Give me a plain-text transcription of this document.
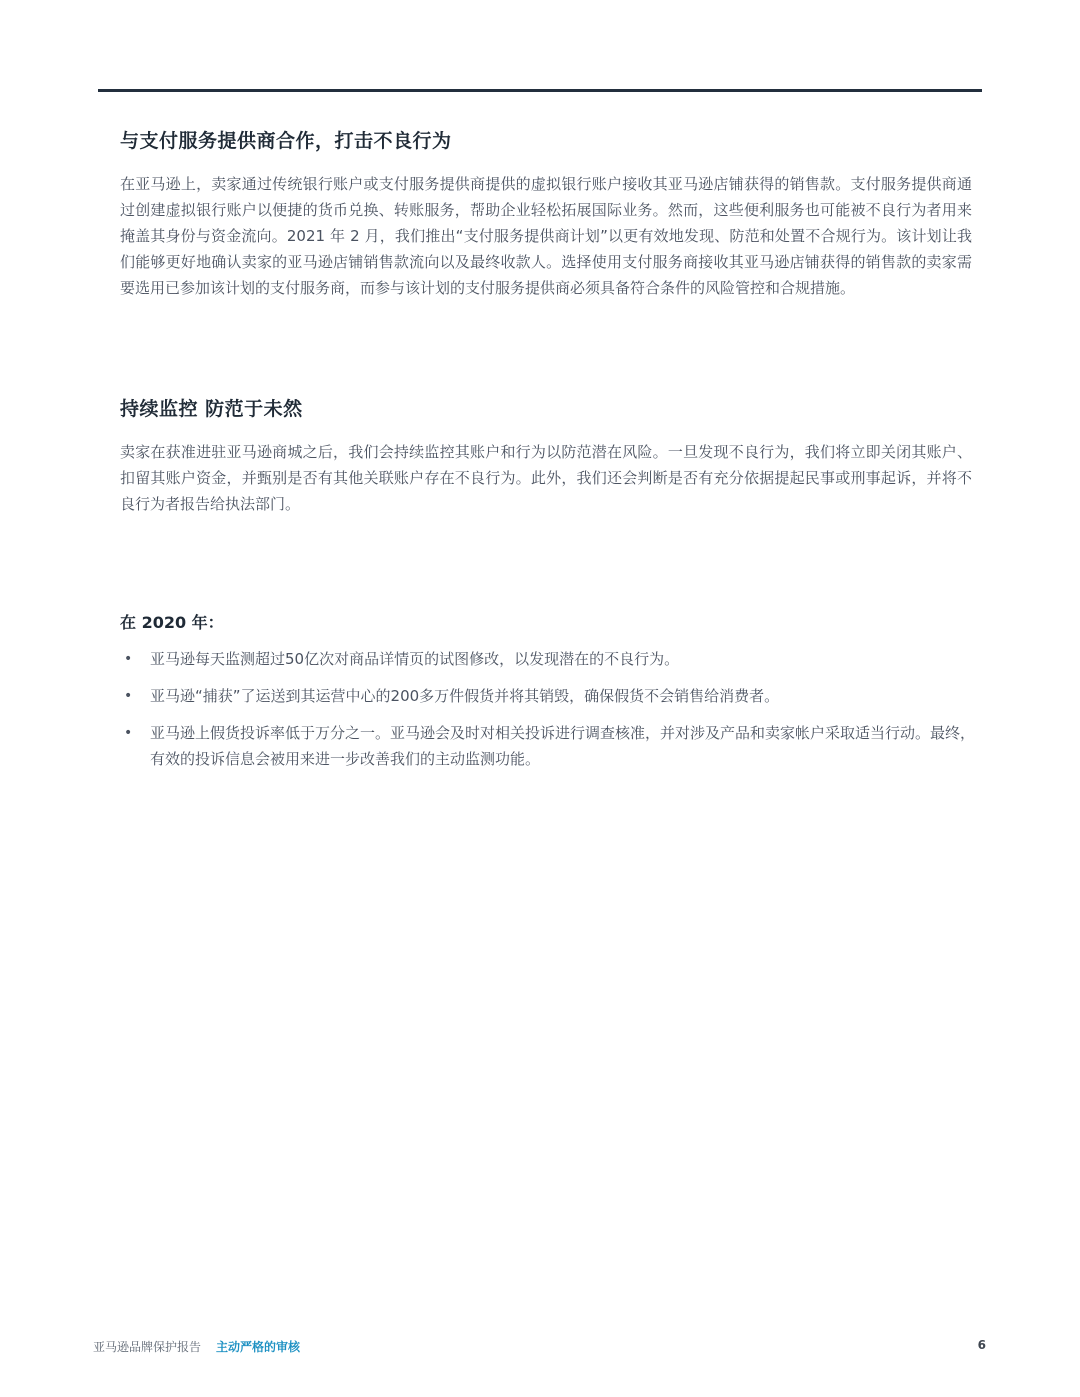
与支付服务提供商合作，打击不良行为

在亚马逊上，卖家通过传统银行账户或支付服务提供商提供的虚拟银行账户接收其亚马逊店铺获得的销售款。支付服务提供商通过创建虚拟银行账户以便捷的货币兑换、转账服务，帮助企业轻松拓展国际业务。然而，这些便利服务也可能被不良行为者用来掩盖其身份与资金流向。2021 年 2 月，我们推出“支付服务提供商计划”以更有效地发现、防范和处置不合规行为。该计划让我们能够更好地确认卖家的亚马逊店铺销售款流向以及最终收款人。选择使用支付服务商接收其亚马逊店铺获得的销售款的卖家需要选用已参加该计划的支付服务商，而参与该计划的支付服务提供商必须具备符合条件的风险管控和合规措施。

持续监控 防范于未然

卖家在获准进驻亚马逊商城之后，我们会持续监控其账户和行为以防范潜在风险。一旦发现不良行为，我们将立即关闭其账户、扣留其账户资金，并甄别是否有其他关联账户存在不良行为。此外，我们还会判断是否有充分依据提起民事或刑事起诉，并将不良行为者报告给执法部门。

在 2020 年：
• 亚马逊每天监测超过50亿次对商品详情页的试图修改，以发现潜在的不良行为。
• 亚马逊“捕获”了运送到其运营中心的200多万件假货并将其销毁，确保假货不会销售给消费者。
• 亚马逊上假货投诉率低于万分之一。亚马逊会及时对相关投诉进行调查核准，并对涉及产品和卖家帐户采取适当行动。最终，有效的投诉信息会被用来进一步改善我们的主动监测功能。
亚马逊品牌保护报告 主动严格的审核	6
